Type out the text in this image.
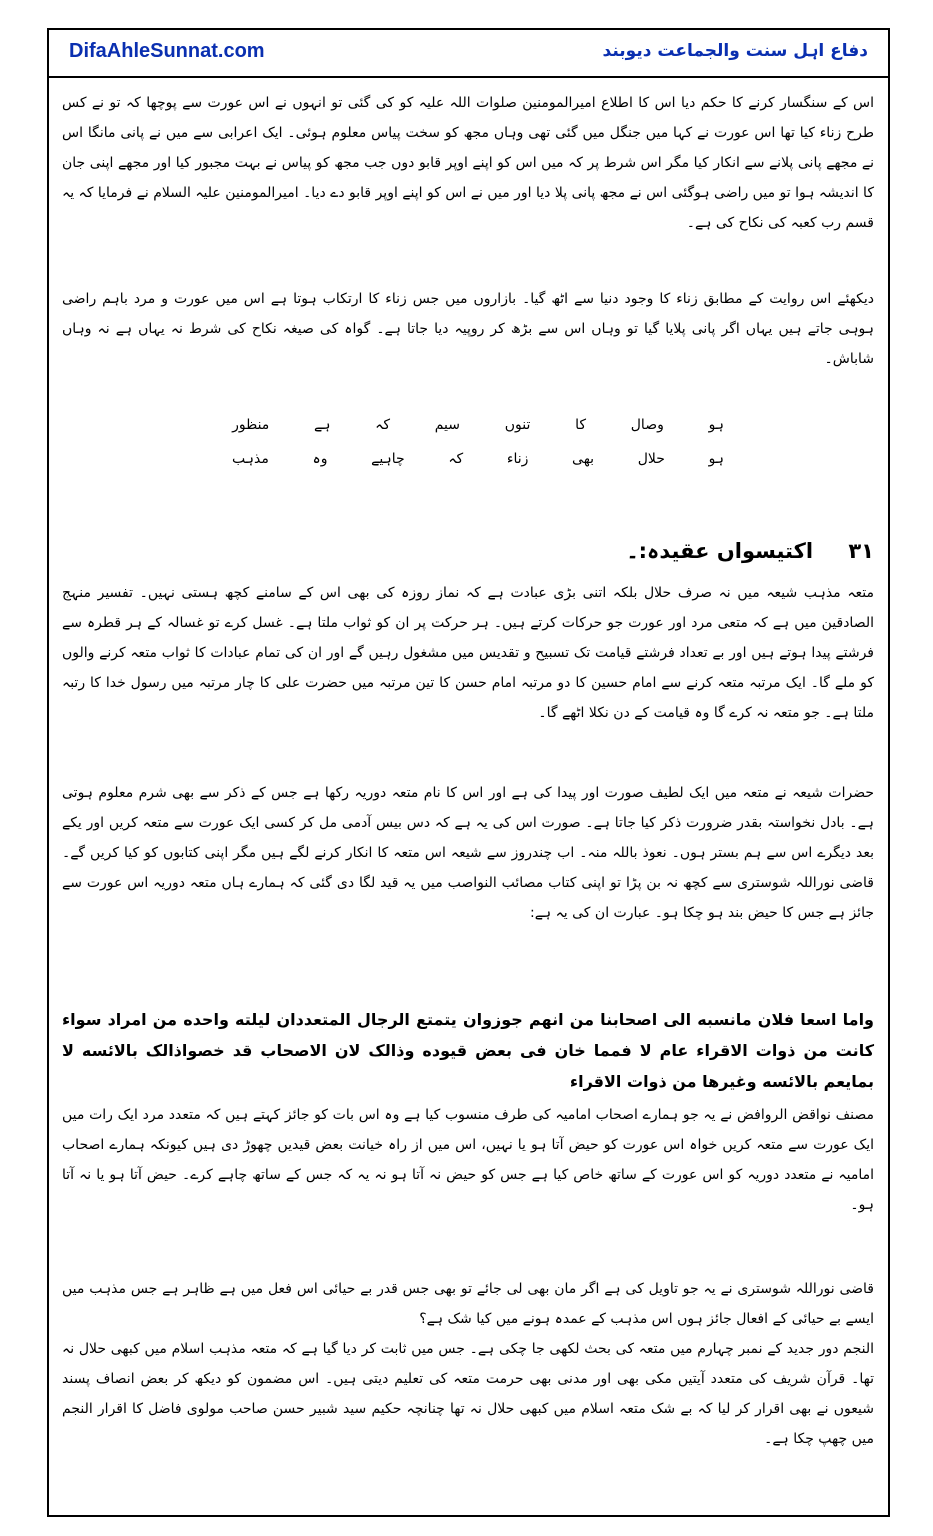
DifaAhleSunnat.com	دفاع اہل سنت والجماعت دیوبند

اس کے سنگسار کرنے کا حکم دیا اس کا اطلاع امیرالمومنین صلوات اللہ علیہ کو کی گئی تو انہوں نے اس عورت سے پوچھا کہ تو نے کس طرح زناء کیا تھا اس عورت نے کہا میں جنگل میں گئی تھی وہاں مجھ کو سخت پیاس معلوم ہوئی۔ ایک اعرابی سے میں نے پانی مانگا اس نے مجھے پانی پلانے سے انکار کیا مگر اس شرط پر کہ میں اس کو اپنے اوپر قابو دوں جب مجھ کو پیاس نے بہت مجبور کیا اور مجھے اپنی جان کا اندیشہ ہوا تو میں راضی ہوگئی اس نے مجھ پانی پلا دیا اور میں نے اس کو اپنے اوپر قابو دے دیا۔ امیرالمومنین علیہ السلام نے فرمایا کہ یہ قسم رب کعبہ کی نکاح کی ہے۔

دیکھئے اس روایت کے مطابق زناء کا وجود دنیا سے اٹھ گیا۔ بازاروں میں جس زناء کا ارتکاب ہوتا ہے اس میں عورت و مرد باہم راضی ہوہی جاتے ہیں یہاں اگر پانی پلایا گیا تو وہاں اس سے بڑھ کر روپیہ دیا جاتا ہے۔ گواہ کی صیغہ نکاح کی شرط نہ یہاں ہے نہ وہاں شاباش۔

منظور	ہے	کہ	سیم	تنوں	کا	وصال	ہو
مذہب	وہ	چاہیے	کہ	زناء	بھی	حلال	ہو
۳۱ اکتیسواں عقیدہ:۔

متعہ مذہب شیعہ میں نہ صرف حلال بلکہ اتنی بڑی عبادت ہے کہ نماز روزہ کی بھی اس کے سامنے کچھ ہستی نہیں۔ تفسیر منہج الصادقین میں ہے کہ متعی مرد اور عورت جو حرکات کرتے ہیں۔ ہر حرکت پر ان کو ثواب ملتا ہے۔ غسل کرے تو غسالہ کے ہر قطرہ سے فرشتے پیدا ہوتے ہیں اور بے تعداد فرشتے قیامت تک تسبیح و تقدیس میں مشغول رہیں گے اور ان کی تمام عبادات کا ثواب متعہ کرنے والوں کو ملے گا۔ ایک مرتبہ متعہ کرنے سے امام حسین کا دو مرتبہ امام حسن کا تین مرتبہ میں حضرت علی کا چار مرتبہ میں رسول خدا کا رتبہ ملتا ہے۔ جو متعہ نہ کرے گا وہ قیامت کے دن نکلا اٹھے گا۔

حضرات شیعہ نے متعہ میں ایک لطیف صورت اور پیدا کی ہے اور اس کا نام متعہ دوریہ رکھا ہے جس کے ذکر سے بھی شرم معلوم ہوتی ہے۔ بادل نخواستہ بقدر ضرورت ذکر کیا جاتا ہے۔ صورت اس کی یہ ہے کہ دس بیس آدمی مل کر کسی ایک عورت سے متعہ کریں اور یکے بعد دیگرے اس سے ہم بستر ہوں۔ نعوذ باللہ منہ۔ اب چندروز سے شیعہ اس متعہ کا انکار کرنے لگے ہیں مگر اپنی کتابوں کو کیا کریں گے۔ قاضی نوراللہ شوستری سے کچھ نہ بن پڑا تو اپنی کتاب مصائب النواصب میں یہ قید لگا دی گئی کہ ہمارے ہاں متعہ دوریہ اس عورت سے جائز ہے جس کا حیض بند ہو چکا ہو۔ عبارت ان کی یہ ہے:

واما اسعا فلان مانسبه الی اصحابنا من انهم جوزوان یتمتع الرجال المتعددان لیلته واحده من امراد سواء کانت من ذوات الاقراء عام لا فمما خان فی بعض قیوده وذالک لان الاصحاب قد خصواذالک بالائسه لا بمایعم بالائسه وغیرها من ذوات الاقراء

مصنف نواقض الروافض نے یہ جو ہمارے اصحاب امامیہ کی طرف منسوب کیا ہے وہ اس بات کو جائز کہتے ہیں کہ متعدد مرد ایک رات میں ایک عورت سے متعہ کریں خواہ اس عورت کو حیض آتا ہو یا نہیں، اس میں از راہ خیانت بعض قیدیں چھوڑ دی ہیں کیونکہ ہمارے اصحاب امامیہ نے متعدد دوریہ کو اس عورت کے ساتھ خاص کیا ہے جس کو حیض نہ آتا ہو نہ یہ کہ جس کے ساتھ چاہے کرے۔ حیض آتا ہو یا نہ آتا ہو۔

قاضی نوراللہ شوستری نے یہ جو تاویل کی ہے اگر مان بھی لی جائے تو بھی جس قدر بے حیائی اس فعل میں ہے ظاہر ہے جس مذہب میں ایسے بے حیائی کے افعال جائز ہوں اس مذہب کے عمدہ ہونے میں کیا شک ہے؟

النجم دور جدید کے نمبر چہارم میں متعہ کی بحث لکھی جا چکی ہے۔ جس میں ثابت کر دیا گیا ہے کہ متعہ مذہب اسلام میں کبھی حلال نہ تھا۔ قرآن شریف کی متعدد آیتیں مکی بھی اور مدنی بھی حرمت متعہ کی تعلیم دیتی ہیں۔ اس مضمون کو دیکھ کر بعض انصاف پسند شیعوں نے بھی اقرار کر لیا کہ بے شک متعہ اسلام میں کبھی حلال نہ تھا چنانچہ حکیم سید شبیر حسن صاحب مولوی فاضل کا اقرار النجم میں چھپ چکا ہے۔
